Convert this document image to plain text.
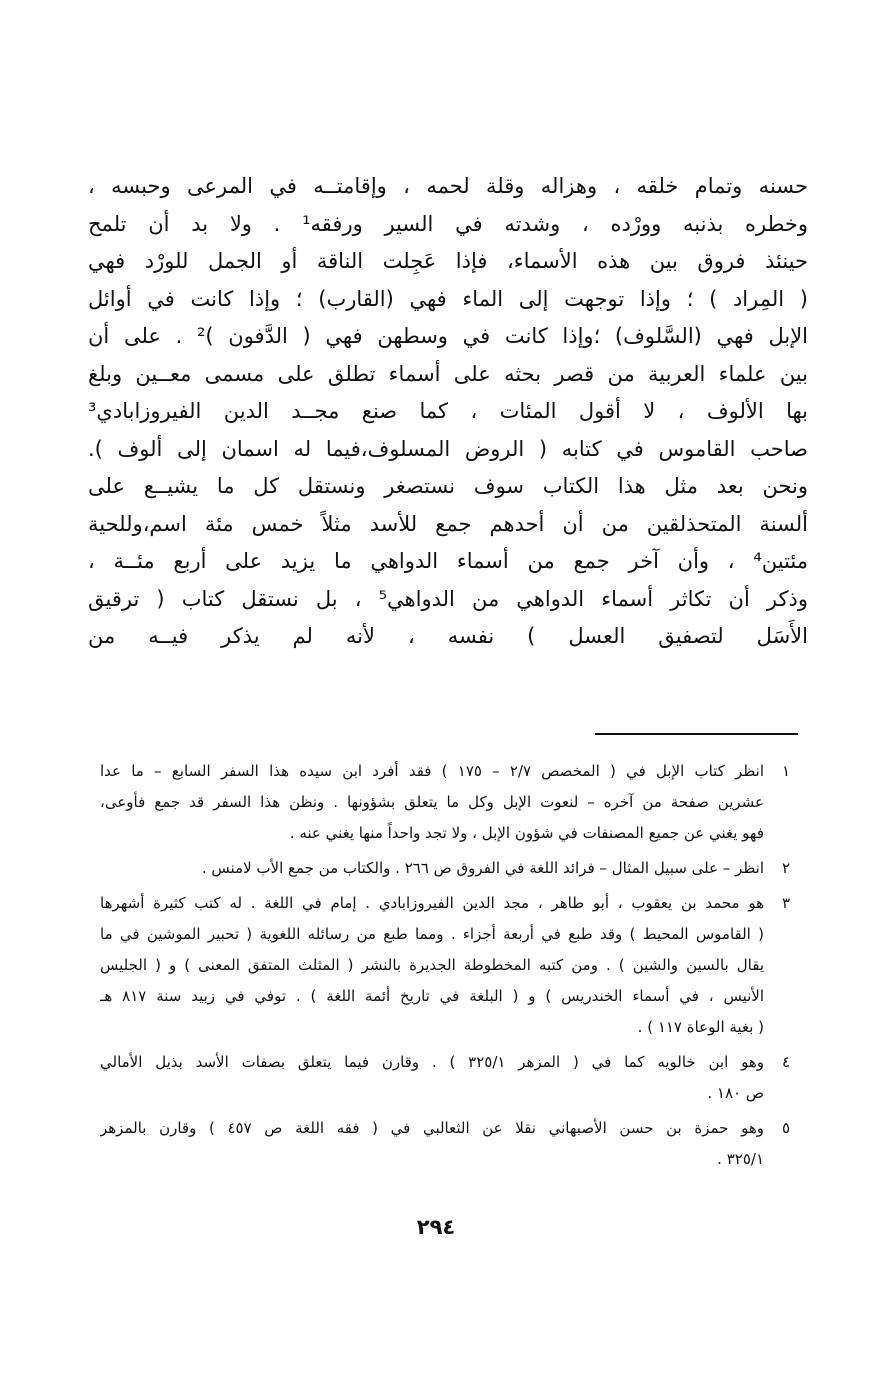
حسنه وتمام خلقه ، وهزاله وقلة لحمه ، وإقامتــه في المرعى وحبسه ،
وخطره بذنبه وورْده ، وشدته في السير ورفقه¹ . ولا بد أن تلمح
حينئذ فروق بين هذه الأسماء، فإذا عَجِلت الناقة أو الجمل للورْد فهي
( المِراد ) ؛ وإذا توجهت إلى الماء فهي (القارب) ؛ وإذا كانت في أوائل
الإبل فهي (السَّلوف) ؛وإذا كانت في وسطهن فهي ( الدَّفون )² . على أن
بين علماء العربية من قصر بحثه على أسماء تطلق على مسمى معــين وبلغ
بها الألوف ، لا أقول المئات ، كما صنع مجــد الدين الفيروزابادي³
صاحب القاموس في كتابه ( الروض المسلوف،فيما له اسمان إلى ألوف ).
ونحن بعد مثل هذا الكتاب سوف نستصغر ونستقل كل ما يشيــع على
ألسنة المتحذلقين من أن أحدهم جمع للأسد مثلاً خمس مئة اسم،وللحية
مئتين⁴ ، وأن آخر جمع من أسماء الدواهي ما يزيد على أربع مئــة ،
وذكر أن تكاثر أسماء الدواهي من الدواهي⁵ ، بل نستقل كتاب ( ترقيق
الأَسَل لتصفيق العسل ) نفسه ، لأنه لم يذكر فيــه من
١
انظر كتاب الإبل في ( المخصص ٢/٧ – ١٧٥ ) فقد أفرد ابن سيده هذا السفر السابع – ما عدا
عشرين صفحة من آخره – لنعوت الإبل وكل ما يتعلق بشؤونها . ونظن هذا السفر قد جمع فأوعى،
فهو يغني عن جميع المصنفات في شؤون الإبل ، ولا تجد واحداً منها يغني عنه .
٢
انظر – على سبيل المثال – فرائد اللغة في الفروق ص ٢٦٦ . والكتاب من جمع الأب لامنس .
٣
هو محمد بن يعقوب ، أبو طاهر ، مجد الدين الفيروزابادي . إمام في اللغة . له كتب كثيرة أشهرها
( القاموس المحيط ) وقد طبع في أربعة أجزاء . ومما طبع من رسائله اللغوية ( تحبير الموشين في ما
يقال بالسين والشين ) . ومن كتبه المخطوطة الجديرة بالنشر ( المثلث المتفق المعنى ) و ( الجليس
الأنيس ، في أسماء الخندريس ) و ( البلغة في تاريخ أئمة اللغة ) . توفي في زبيد سنة ٨١٧ هـ
( بغية الوعاة ١١٧ ) .
٤
وهو ابن خالويه كما في ( المزهر ٣٢٥/١ ) . وقارن فيما يتعلق بصفات الأسد بذيل الأمالي
ص ١٨٠ .
٥
وهو حمزة بن حسن الأصبهاني نقلا عن الثعالبي في ( فقه اللغة ص ٤٥٧ ) وقارن بالمزهر
٣٢٥/١ .
٢٩٤
